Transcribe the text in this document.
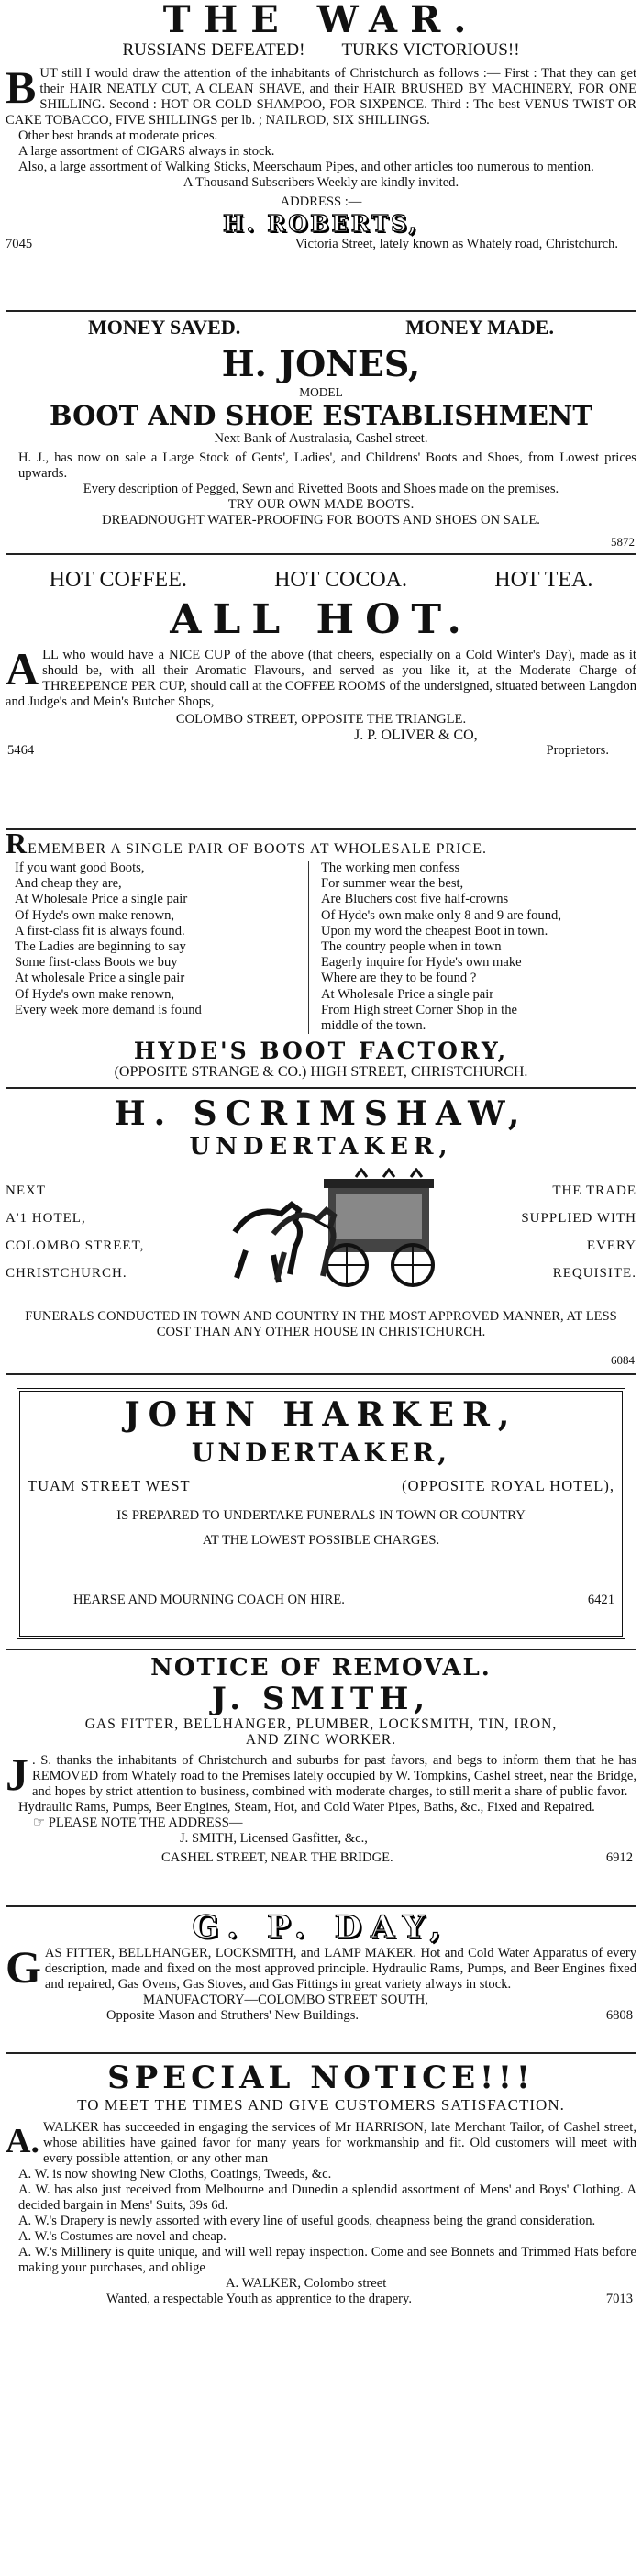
THE WAR.
RUSSIANS DEFEATED! TURKS VICTORIOUS!!
BUT still I would draw the attention of the inhabitants of Christchurch as follows :— First : That they can get their HAIR NEATLY CUT, A CLEAN SHAVE, and their HAIR BRUSHED BY MACHINERY, FOR ONE SHILLING. Second : HOT OR COLD SHAMPOO, FOR SIXPENCE. Third : The best VENUS TWIST OR CAKE TOBACCO, FIVE SHILLINGS per lb. ; NAILROD, SIX SHILLINGS.
Other best brands at moderate prices.
A large assortment of CIGARS always in stock.
Also, a large assortment of Walking Sticks, Meerschaum Pipes, and other articles too numerous to mention.
A Thousand Subscribers Weekly are kindly invited.
ADDRESS :—
H. ROBERTS,
7045	Victoria Street, lately known as Whately road, Christchurch.
MONEY SAVED.	MONEY MADE.
H. JONES,
MODEL
BOOT AND SHOE ESTABLISHMENT
Next Bank of Australasia, Cashel street.
H. J., has now on sale a Large Stock of Gents', Ladies', and Childrens' Boots and Shoes, from Lowest prices upwards.
Every description of Pegged, Sewn and Rivetted Boots and Shoes made on the premises.
TRY OUR OWN MADE BOOTS.
DREADNOUGHT WATER-PROOFING FOR BOOTS AND SHOES ON SALE.
5872
HOT COFFEE.	HOT COCOA.	HOT TEA.
ALL HOT.
ALL who would have a NICE CUP of the above (that cheers, especially on a Cold Winter's Day), made as it should be, with all their Aromatic Flavours, and served as you like it, at the Moderate Charge of THREEPENCE PER CUP, should call at the COFFEE ROOMS of the undersigned, situated between Langdon and Judge's and Mein's Butcher Shops,
COLOMBO STREET, OPPOSITE THE TRIANGLE.
J. P. OLIVER & CO,
5464	Proprietors.
REMEMBER A SINGLE PAIR OF BOOTS AT WHOLESALE PRICE.
If you want good Boots,
And cheap they are,
At Wholesale Price a single pair
Of Hyde's own make renown,
A first-class fit is always found.
The Ladies are beginning to say
Some first-class Boots we buy
At wholesale Price a single pair
Of Hyde's own make renown,
Every week more demand is found
The working men confess
For summer wear the best,
Are Bluchers cost five half-crowns
Of Hyde's own make only 8 and 9 are found,
Upon my word the cheapest Boot in town.
The country people when in town
Eagerly inquire for Hyde's own make
Where are they to be found ?
At Wholesale Price a single pair
From High street Corner Shop in the
middle of the town.
HYDE'S BOOT FACTORY,
(OPPOSITE STRANGE & CO.) HIGH STREET, CHRISTCHURCH.
H. SCRIMSHAW,
UNDERTAKER,
NEXT
A'1 HOTEL,
COLOMBO STREET,
CHRISTCHURCH.
THE TRADE
SUPPLIED WITH
EVERY
REQUISITE.
FUNERALS CONDUCTED IN TOWN AND COUNTRY IN THE MOST APPROVED MANNER, AT LESS COST THAN ANY OTHER HOUSE IN CHRISTCHURCH.
6084
JOHN HARKER,
UNDERTAKER,
TUAM STREET WEST	(OPPOSITE ROYAL HOTEL),
IS PREPARED TO UNDERTAKE FUNERALS IN TOWN OR COUNTRY
AT THE LOWEST POSSIBLE CHARGES.
HEARSE AND MOURNING COACH ON HIRE.	6421
NOTICE OF REMOVAL.
J. SMITH,
GAS FITTER, BELLHANGER, PLUMBER, LOCKSMITH, TIN, IRON,
AND ZINC WORKER.
J . S. thanks the inhabitants of Christchurch and suburbs for past favors, and begs to inform them that he has REMOVED from Whately road to the Premises lately occupied by W. Tompkins, Cashel street, near the Bridge, and hopes by strict attention to business, combined with moderate charges, to still merit a share of public favor.
Hydraulic Rams, Pumps, Beer Engines, Steam, Hot, and Cold Water Pipes, Baths, &c., Fixed and Repaired.
☞ PLEASE NOTE THE ADDRESS—
J. SMITH, Licensed Gasfitter, &c.,
CASHEL STREET, NEAR THE BRIDGE.	6912
G. P. DAY,
GAS FITTER, BELLHANGER, LOCKSMITH, and LAMP MAKER. Hot and Cold Water Apparatus of every description, made and fixed on the most approved principle. Hydraulic Rams, Pumps, and Beer Engines fixed and repaired, Gas Ovens, Gas Stoves, and Gas Fittings in great variety always in stock.
MANUFACTORY—COLOMBO STREET SOUTH,
Opposite Mason and Struthers' New Buildings.	6808
SPECIAL NOTICE!!!
TO MEET THE TIMES AND GIVE CUSTOMERS SATISFACTION.
A. WALKER has succeeded in engaging the services of Mr HARRISON, late Merchant Tailor, of Cashel street, whose abilities have gained favor for many years for workmanship and fit. Old customers will meet with every possible attention, or any other man
A. W. is now showing New Cloths, Coatings, Tweeds, &c.
A. W. has also just received from Melbourne and Dunedin a splendid assortment of Mens' and Boys' Clothing. A decided bargain in Mens' Suits, 39s 6d.
A. W.'s Drapery is newly assorted with every line of useful goods, cheapness being the grand consideration.
A. W.'s Costumes are novel and cheap.
A. W.'s Millinery is quite unique, and will well repay inspection. Come and see Bonnets and Trimmed Hats before making your purchases, and oblige
A. WALKER, Colombo street
Wanted, a respectable Youth as apprentice to the drapery.	7013
